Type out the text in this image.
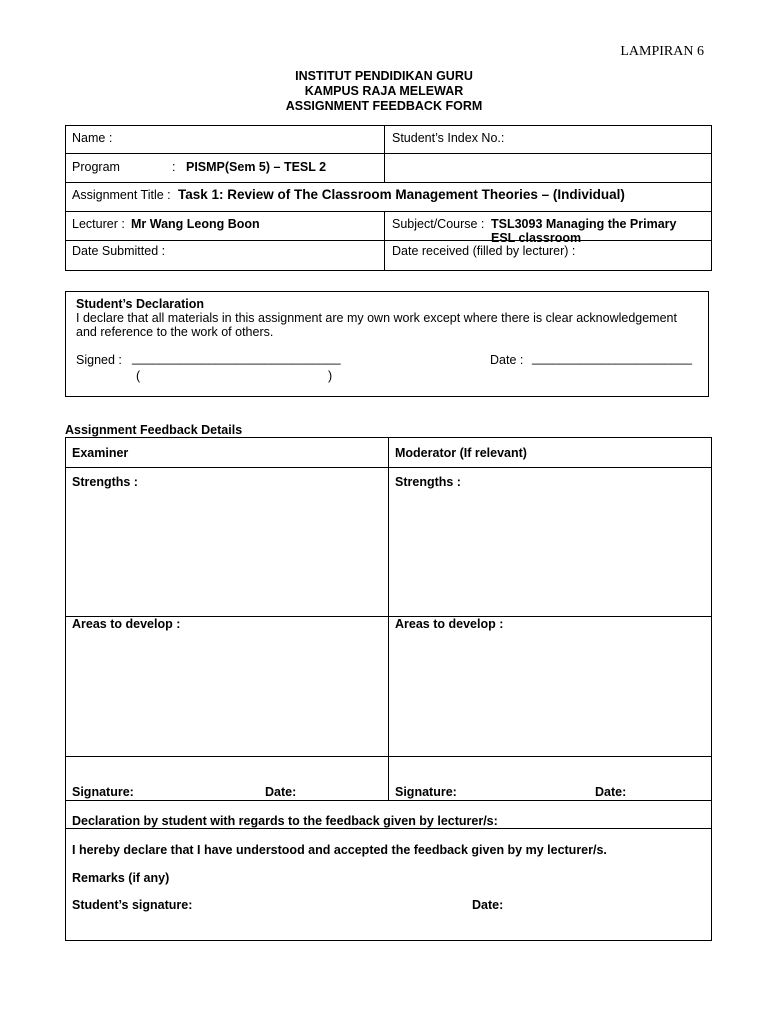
LAMPIRAN 6
INSTITUT PENDIDIKAN GURU
KAMPUS RAJA MELEWAR
ASSIGNMENT FEEDBACK FORM
Name :	Student’s Index No.:
Program	: PISMP(Sem 5) – TESL 2
Assignment Title : Task 1: Review of The Classroom Management Theories – (Individual)
Lecturer : Mr Wang Leong Boon	Subject/Course : TSL3093 Managing the Primary
ESL classroom
Date Submitted :	Date received (filled by lecturer) :
Student’s Declaration
I declare that all materials in this assignment are my own work except where there is clear acknowledgement
and reference to the work of others.
Signed : ______________________________
(	)
Date : _______________________
Assignment Feedback Details
Examiner	Moderator (If relevant)
Strengths :	Strengths :
Areas to develop :	Areas to develop :
Signature:	Date:	Signature:	Date:
Declaration by student with regards to the feedback given by lecturer/s:
I hereby declare that I have understood and accepted the feedback given by my lecturer/s.
Remarks (if any)
Student’s signature:	Date:
